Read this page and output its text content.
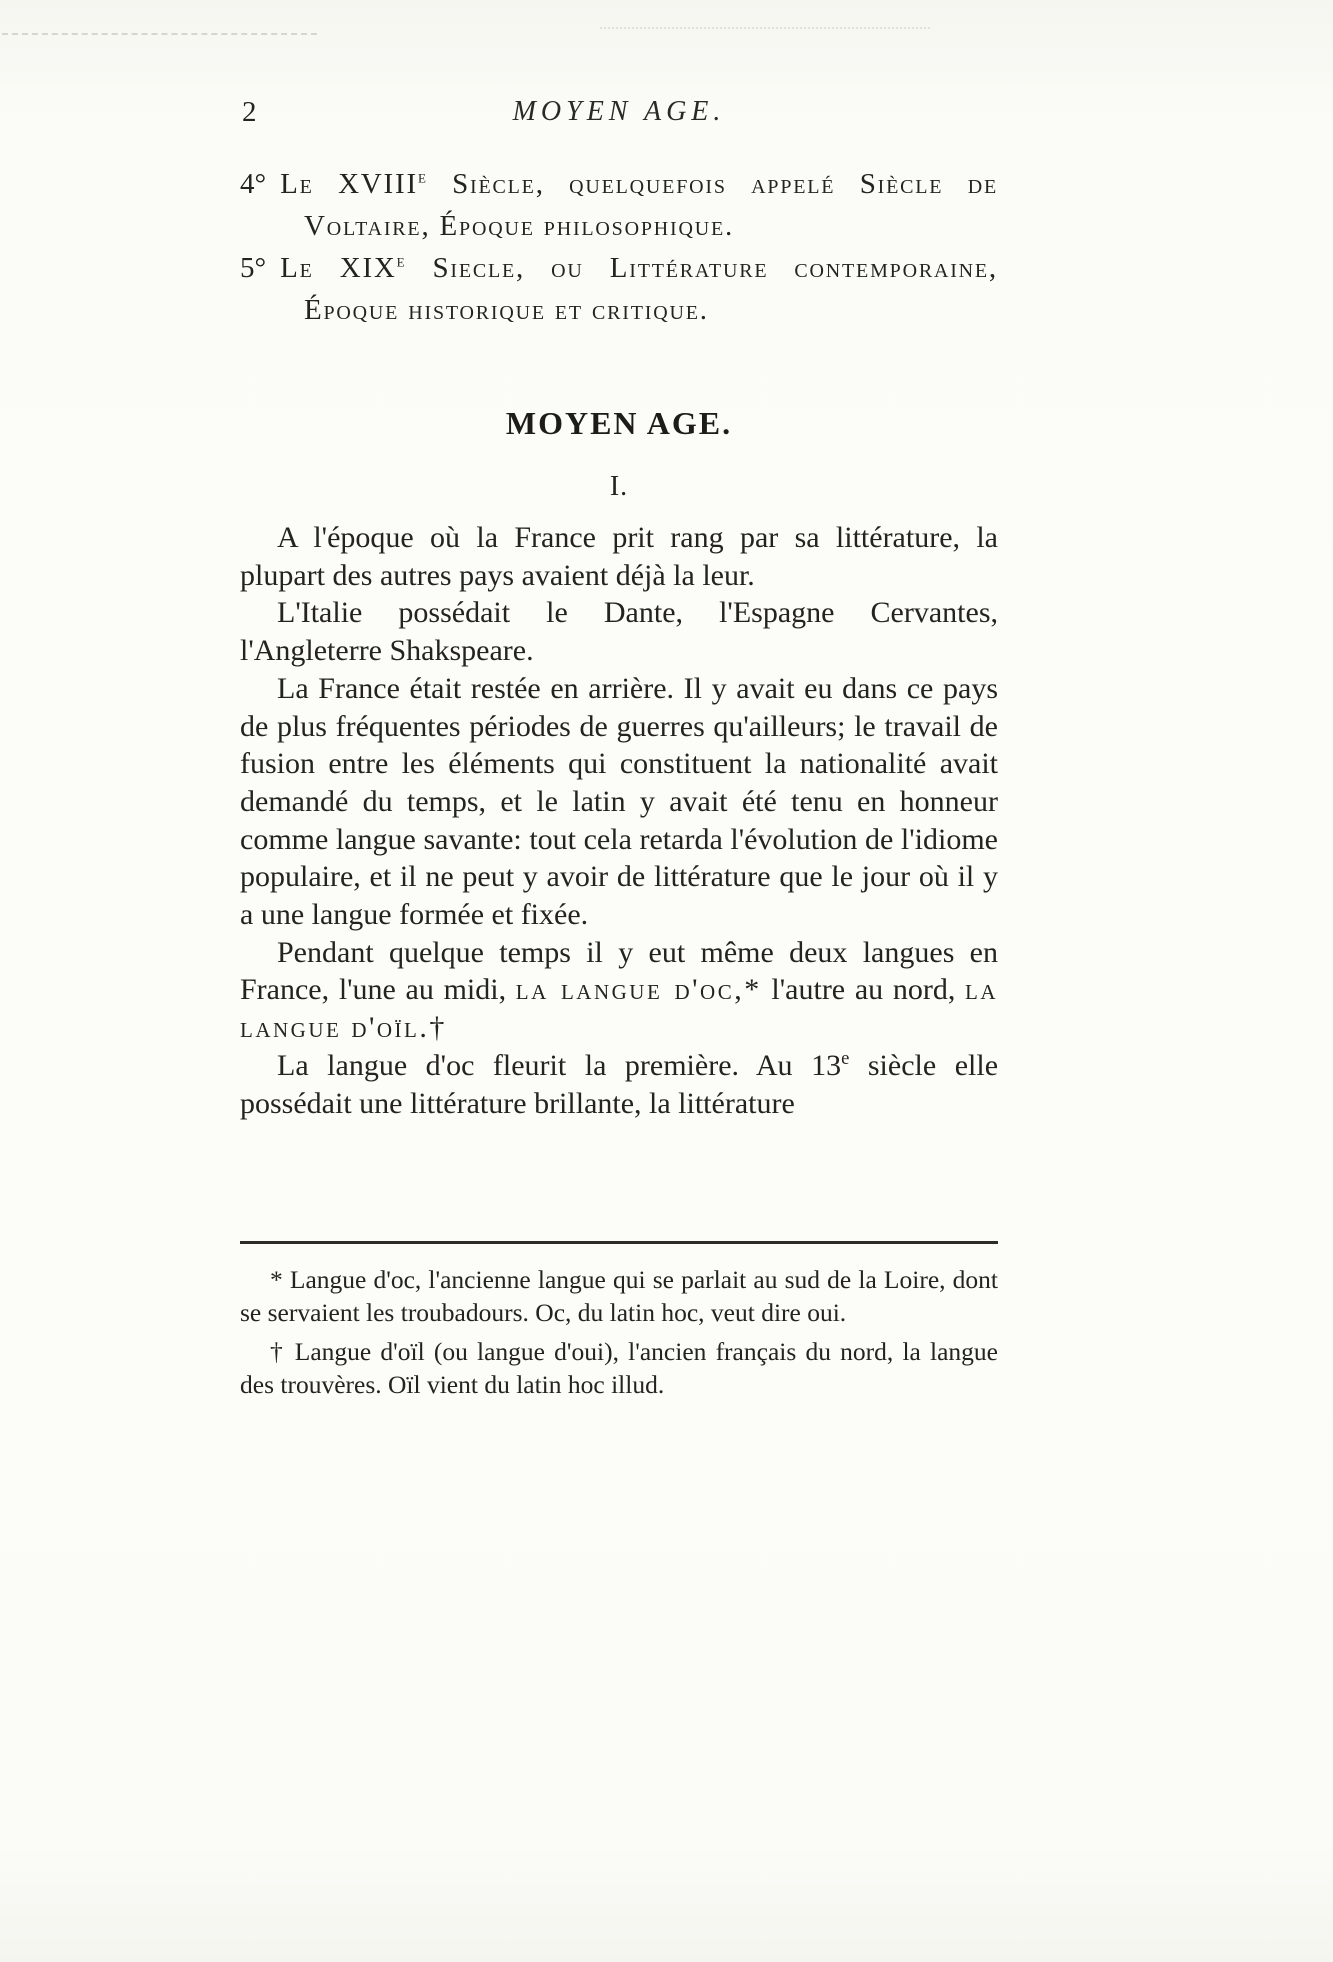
2	MOYEN AGE.

4° Le XVIIIe Siècle, quelquefois appelé Siècle de Voltaire, Époque philosophique.

5° Le XIXe Siecle, ou Littérature contemporaine, Époque historique et critique.

MOYEN AGE.
I.

A l'époque où la France prit rang par sa littérature, la plupart des autres pays avaient déjà la leur.

L'Italie possédait le Dante, l'Espagne Cervantes, l'Angleterre Shakspeare.

La France était restée en arrière. Il y avait eu dans ce pays de plus fréquentes périodes de guerres qu'ailleurs; le travail de fusion entre les éléments qui constituent la nationalité avait demandé du temps, et le latin y avait été tenu en honneur comme langue savante: tout cela retarda l'évolution de l'idiome populaire, et il ne peut y avoir de littérature que le jour où il y a une langue formée et fixée.

Pendant quelque temps il y eut même deux langues en France, l'une au midi, la langue d'oc,* l'autre au nord, la langue d'oïl.†

La langue d'oc fleurit la première. Au 13e siècle elle possédait une littérature brillante, la littérature

* Langue d'oc, l'ancienne langue qui se parlait au sud de la Loire, dont se servaient les troubadours. Oc, du latin hoc, veut dire oui.

† Langue d'oïl (ou langue d'oui), l'ancien français du nord, la langue des trouvères. Oïl vient du latin hoc illud.
